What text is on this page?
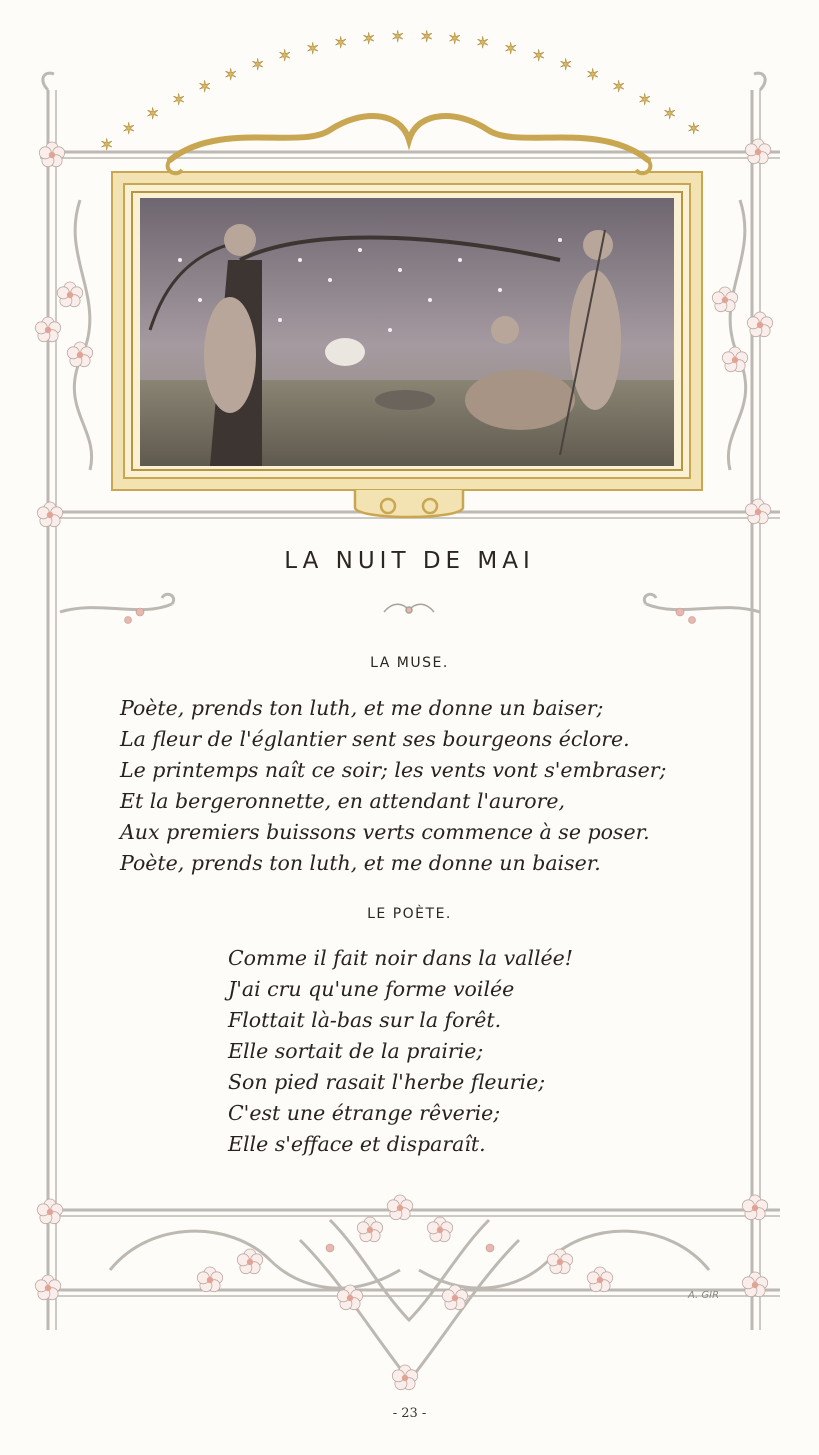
✶
✶
✶
✶
✶
✶
✶ ✶ ✶ ✶ ✶ ✶ ✶ ✶ ✶ ✶ ✶ ✶
✶
✶
✶
✶
✶
LA NUIT DE MAI
LA MUSE.
Poète, prends ton luth, et me donne un baiser;
La fleur de l'églantier sent ses bourgeons éclore.
Le printemps naît ce soir; les vents vont s'embraser;
Et la bergeronnette, en attendant l'aurore,
Aux premiers buissons verts commence à se poser.
Poète, prends ton luth, et me donne un baiser.
LE POÈTE.
Comme il fait noir dans la vallée!
J'ai cru qu'une forme voilée
Flottait là-bas sur la forêt.
Elle sortait de la prairie;
Son pied rasait l'herbe fleurie;
C'est une étrange rêverie;
Elle s'efface et disparaît.
A. GIR
- 23 -
